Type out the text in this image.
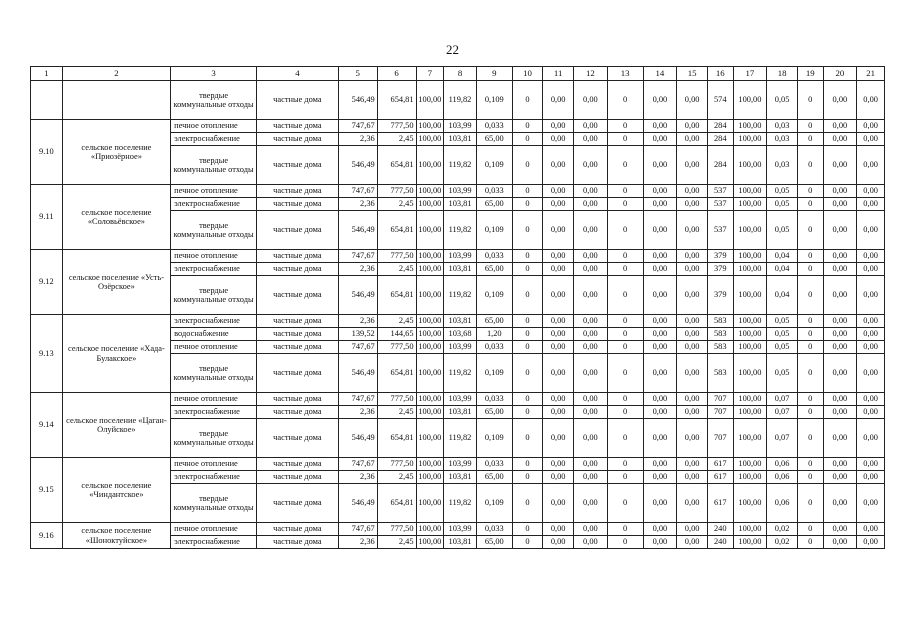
22
1	2	3	4	5	6	7	8	9	10	11	12	13	14	15	16	17	18	19	20	21
		твердые коммунальные отходы	частные дома	546,49	654,81	100,00	119,82	0,109	0	0,00	0,00	0	0,00	0,00	574	100,00	0,05	0	0,00	0,00
9.10	сельское поселение «Приозёрное»	печное отопление	частные дома	747,67	777,50	100,00	103,99	0,033	0	0,00	0,00	0	0,00	0,00	284	100,00	0,03	0	0,00	0,00
		электроснабжение	частные дома	2,36	2,45	100,00	103,81	65,00	0	0,00	0,00	0	0,00	0,00	284	100,00	0,03	0	0,00	0,00
		твердые коммунальные отходы	частные дома	546,49	654,81	100,00	119,82	0,109	0	0,00	0,00	0	0,00	0,00	284	100,00	0,03	0	0,00	0,00
9.11	сельское поселение «Соловьёвское»	печное отопление	частные дома	747,67	777,50	100,00	103,99	0,033	0	0,00	0,00	0	0,00	0,00	537	100,00	0,05	0	0,00	0,00
		электроснабжение	частные дома	2,36	2,45	100,00	103,81	65,00	0	0,00	0,00	0	0,00	0,00	537	100,00	0,05	0	0,00	0,00
		твердые коммунальные отходы	частные дома	546,49	654,81	100,00	119,82	0,109	0	0,00	0,00	0	0,00	0,00	537	100,00	0,05	0	0,00	0,00
9.12	сельское поселение «Усть-Озёрское»	печное отопление	частные дома	747,67	777,50	100,00	103,99	0,033	0	0,00	0,00	0	0,00	0,00	379	100,00	0,04	0	0,00	0,00
		электроснабжение	частные дома	2,36	2,45	100,00	103,81	65,00	0	0,00	0,00	0	0,00	0,00	379	100,00	0,04	0	0,00	0,00
		твердые коммунальные отходы	частные дома	546,49	654,81	100,00	119,82	0,109	0	0,00	0,00	0	0,00	0,00	379	100,00	0,04	0	0,00	0,00
9.13	сельское поселение «Хада-Булакское»	электроснабжение	частные дома	2,36	2,45	100,00	103,81	65,00	0	0,00	0,00	0	0,00	0,00	583	100,00	0,05	0	0,00	0,00
		водоснабжение	частные дома	139,52	144,65	100,00	103,68	1,20	0	0,00	0,00	0	0,00	0,00	583	100,00	0,05	0	0,00	0,00
		печное отопление	частные дома	747,67	777,50	100,00	103,99	0,033	0	0,00	0,00	0	0,00	0,00	583	100,00	0,05	0	0,00	0,00
		твердые коммунальные отходы	частные дома	546,49	654,81	100,00	119,82	0,109	0	0,00	0,00	0	0,00	0,00	583	100,00	0,05	0	0,00	0,00
9.14	сельское поселение «Цаган-Олуйское»	печное отопление	частные дома	747,67	777,50	100,00	103,99	0,033	0	0,00	0,00	0	0,00	0,00	707	100,00	0,07	0	0,00	0,00
		электроснабжение	частные дома	2,36	2,45	100,00	103,81	65,00	0	0,00	0,00	0	0,00	0,00	707	100,00	0,07	0	0,00	0,00
		твердые коммунальные отходы	частные дома	546,49	654,81	100,00	119,82	0,109	0	0,00	0,00	0	0,00	0,00	707	100,00	0,07	0	0,00	0,00
9.15	сельское поселение «Чиндантское»	печное отопление	частные дома	747,67	777,50	100,00	103,99	0,033	0	0,00	0,00	0	0,00	0,00	617	100,00	0,06	0	0,00	0,00
		электроснабжение	частные дома	2,36	2,45	100,00	103,81	65,00	0	0,00	0,00	0	0,00	0,00	617	100,00	0,06	0	0,00	0,00
		твердые коммунальные отходы	частные дома	546,49	654,81	100,00	119,82	0,109	0	0,00	0,00	0	0,00	0,00	617	100,00	0,06	0	0,00	0,00
9.16	сельское поселение «Шоноктуйское»	печное отопление	частные дома	747,67	777,50	100,00	103,99	0,033	0	0,00	0,00	0	0,00	0,00	240	100,00	0,02	0	0,00	0,00
		электроснабжение	частные дома	2,36	2,45	100,00	103,81	65,00	0	0,00	0,00	0	0,00	0,00	240	100,00	0,02	0	0,00	0,00
